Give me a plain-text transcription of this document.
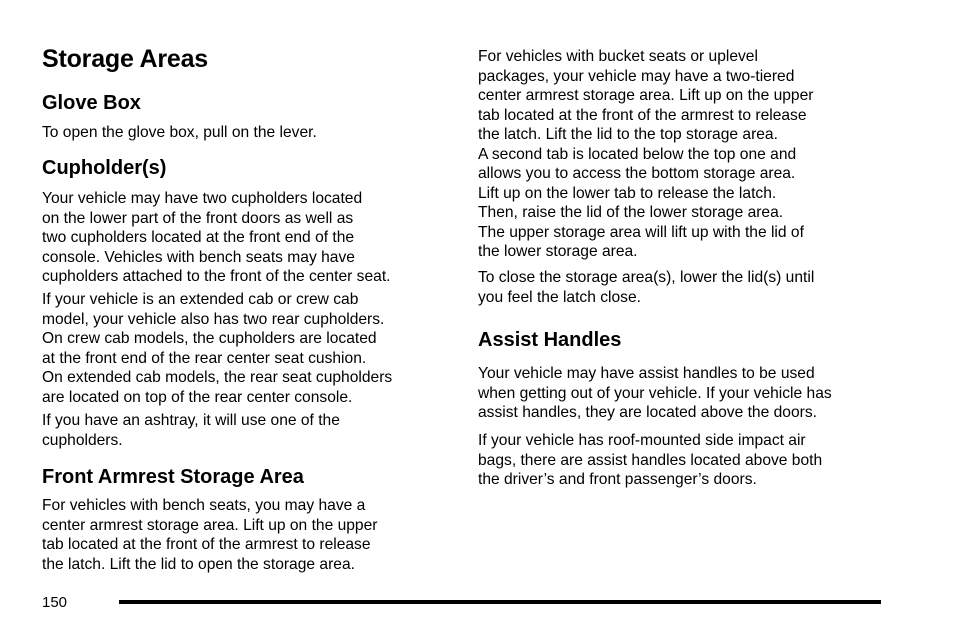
Storage Areas
Glove Box

To open the glove box, pull on the lever.

Cupholder(s)

Your vehicle may have two cupholders located
on the lower part of the front doors as well as
two cupholders located at the front end of the
console. Vehicles with bench seats may have
cupholders attached to the front of the center seat.

If your vehicle is an extended cab or crew cab
model, your vehicle also has two rear cupholders.
On crew cab models, the cupholders are located
at the front end of the rear center seat cushion.
On extended cab models, the rear seat cupholders
are located on top of the rear center console.

If you have an ashtray, it will use one of the
cupholders.

Front Armrest Storage Area

For vehicles with bench seats, you may have a
center armrest storage area. Lift up on the upper
tab located at the front of the armrest to release
the latch. Lift the lid to open the storage area.

For vehicles with bucket seats or uplevel
packages, your vehicle may have a two-tiered
center armrest storage area. Lift up on the upper
tab located at the front of the armrest to release
the latch. Lift the lid to the top storage area.
A second tab is located below the top one and
allows you to access the bottom storage area.
Lift up on the lower tab to release the latch.
Then, raise the lid of the lower storage area.
The upper storage area will lift up with the lid of
the lower storage area.

To close the storage area(s), lower the lid(s) until
you feel the latch close.

Assist Handles

Your vehicle may have assist handles to be used
when getting out of your vehicle. If your vehicle has
assist handles, they are located above the doors.

If your vehicle has roof-mounted side impact air
bags, there are assist handles located above both
the driver’s and front passenger’s doors.

150
